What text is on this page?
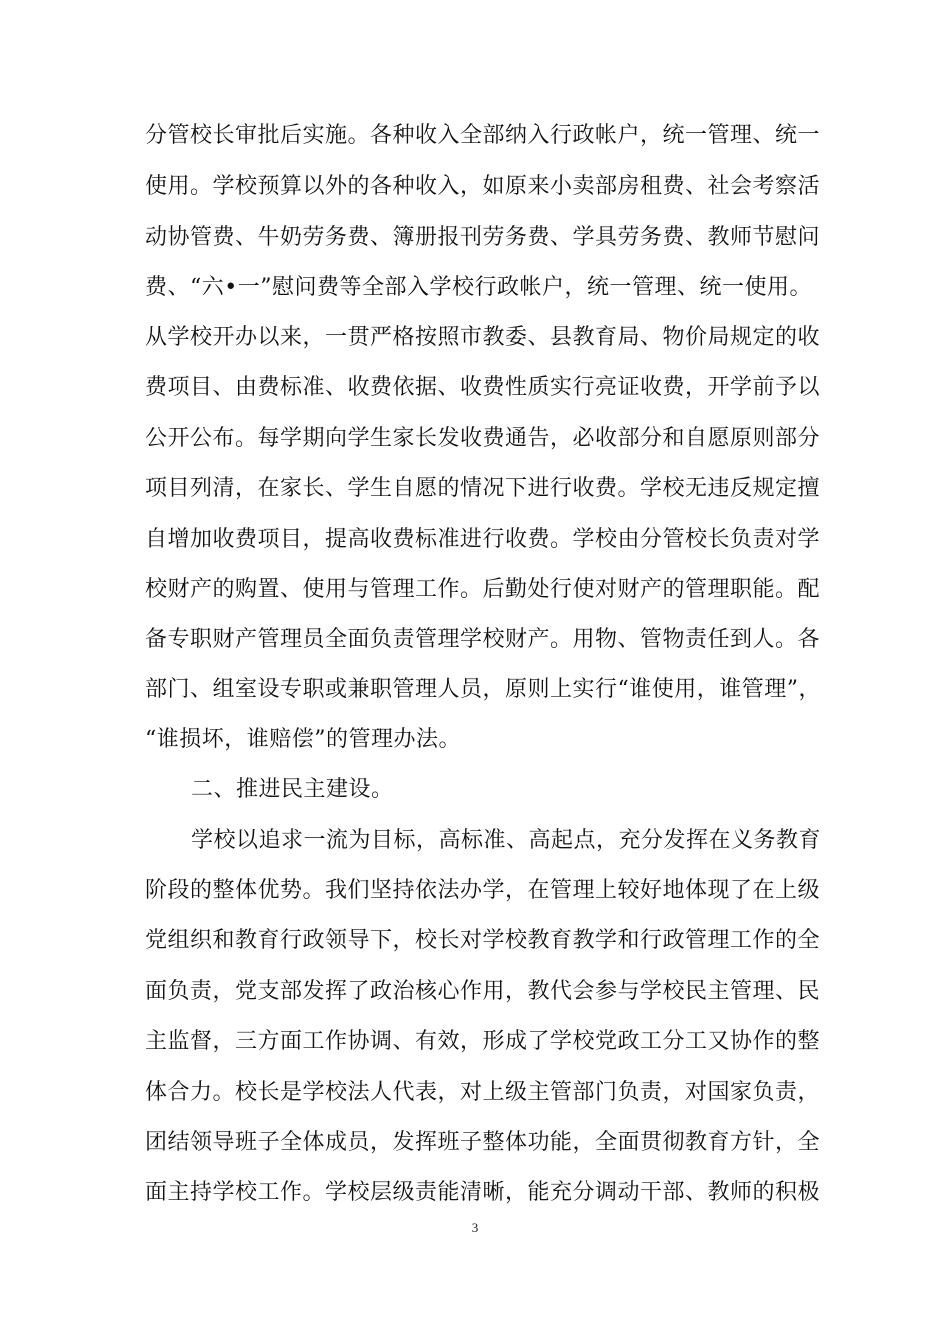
分管校长审批后实施。各种收入全部纳入行政帐户，统一管理、统一
使用。学校预算以外的各种收入，如原来小卖部房租费、社会考察活
动协管费、牛奶劳务费、簿册报刊劳务费、学具劳务费、教师节慰问
费、“六•一”慰问费等全部入学校行政帐户，统一管理、统一使用。
从学校开办以来，一贯严格按照市教委、县教育局、物价局规定的收
费项目、由费标准、收费依据、收费性质实行亮证收费，开学前予以
公开公布。每学期向学生家长发收费通告，必收部分和自愿原则部分
项目列清，在家长、学生自愿的情况下进行收费。学校无违反规定擅
自增加收费项目，提高收费标准进行收费。学校由分管校长负责对学
校财产的购置、使用与管理工作。后勤处行使对财产的管理职能。配
备专职财产管理员全面负责管理学校财产。用物、管物责任到人。各
部门、组室设专职或兼职管理人员，原则上实行“谁使用，谁管理”，
“谁损坏，谁赔偿”的管理办法。
二、推进民主建设。
学校以追求一流为目标，高标准、高起点，充分发挥在义务教育
阶段的整体优势。我们坚持依法办学，在管理上较好地体现了在上级
党组织和教育行政领导下，校长对学校教育教学和行政管理工作的全
面负责，党支部发挥了政治核心作用，教代会参与学校民主管理、民
主监督，三方面工作协调、有效，形成了学校党政工分工又协作的整
体合力。校长是学校法人代表，对上级主管部门负责，对国家负责，
团结领导班子全体成员，发挥班子整体功能，全面贯彻教育方针，全
面主持学校工作。学校层级责能清晰，能充分调动干部、教师的积极
3
